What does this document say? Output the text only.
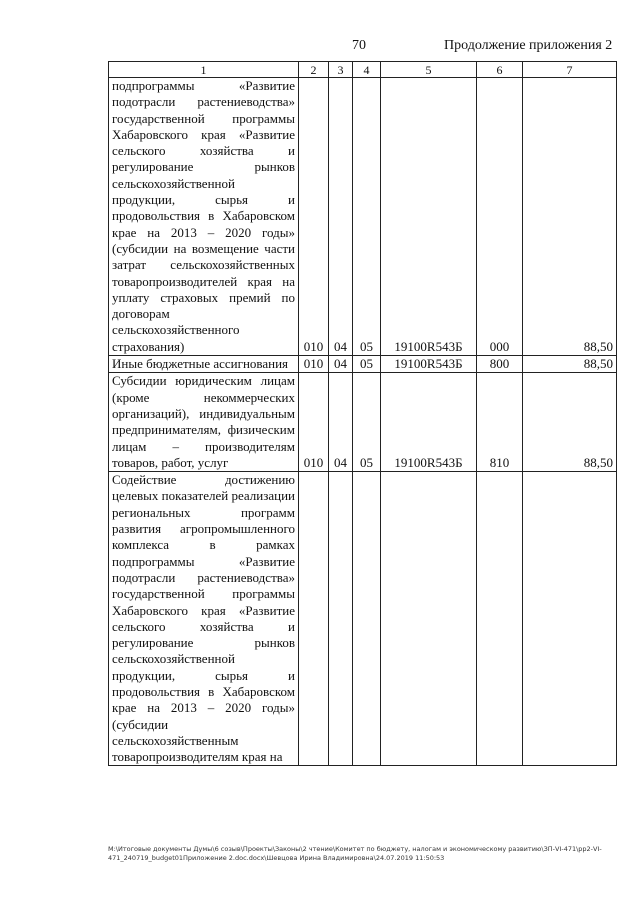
70	Продолжение приложения 2
1	2	3	4	5	6	7
подпрограммы «Развитие подотрасли растениеводства» государственной программы Хабаровского края «Развитие сельского хозяйства и регулирование рынков сельскохозяйственной продукции, сырья и продовольствия в Хабаровском крае на 2013 – 2020 годы» (субсидии на возмещение части затрат сельскохозяйственных товаропроизводителей края на уплату страховых премий по договорам сельскохозяйственного страхования)	010	04	05	19100R543Б	000	88,50
Иные бюджетные ассигнования	010	04	05	19100R543Б	800	88,50
Субсидии юридическим лицам (кроме некоммерческих организаций), индивидуальным предпринимателям, физическим лицам – производителям товаров, работ, услуг	010	04	05	19100R543Б	810	88,50
Содействие достижению целевых показателей реализации региональных программ развития агропромышленного комплекса в рамках подпрограммы «Развитие подотрасли растениеводства» государственной программы Хабаровского края «Развитие сельского хозяйства и регулирование рынков сельскохозяйственной продукции, сырья и продовольствия в Хабаровском крае на 2013 – 2020 годы» (субсидии сельскохозяйственным товаропроизводителям края на						
M:\Итоговые документы Думы\6 созыв\Проекты\Законы\2 чтение\Комитет по бюджету, налогам и экономическому развитию\ЗП-VI-471\рр2-VI-471_240719_budget01Приложение 2.doc.docx\Шевцова Ирина Владимировна\24.07.2019 11:50:53
